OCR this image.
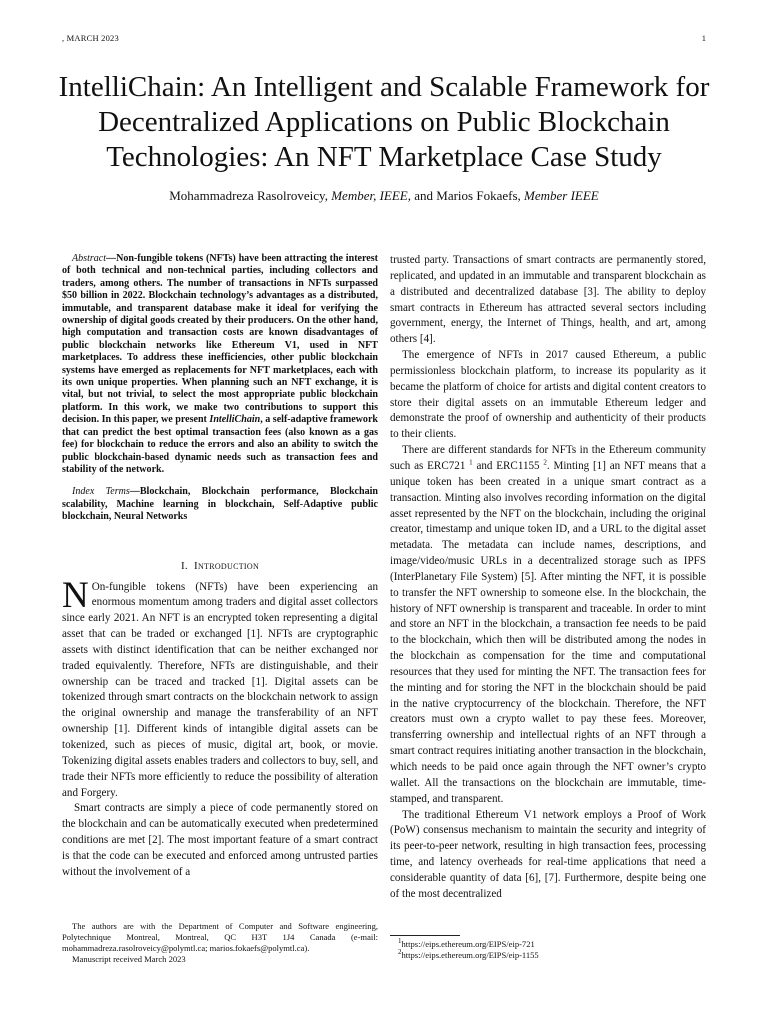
, MARCH 2023	1
IntelliChain: An Intelligent and Scalable Framework for Decentralized Applications on Public Blockchain Technologies: An NFT Marketplace Case Study
Mohammadreza Rasolroveicy, Member, IEEE, and Marios Fokaefs, Member IEEE

Abstract—Non-fungible tokens (NFTs) have been attracting the interest of both technical and non-technical parties, including collectors and traders, among others. The number of transactions in NFTs surpassed $50 billion in 2022. Blockchain technology’s advantages as a distributed, immutable, and transparent database make it ideal for verifying the ownership of digital goods created by their producers. On the other hand, high computation and transaction costs are known disadvantages of public blockchain networks like Ethereum V1, used in NFT marketplaces. To address these inefficiencies, other public blockchain systems have emerged as replacements for NFT marketplaces, each with its own unique properties. When planning such an NFT exchange, it is vital, but not trivial, to select the most appropriate public blockchain platform. In this work, we make two contributions to support this decision. In this paper, we present IntelliChain, a self-adaptive framework that can predict the best optimal transaction fees (also known as a gas fee) for blockchain to reduce the errors and also an ability to switch the public blockchain-based dynamic needs such as transaction fees and stability of the network.

Index Terms—Blockchain, Blockchain performance, Blockchain scalability, Machine learning in blockchain, Self-Adaptive public blockchain, Neural Networks

I. Introduction

N On-fungible tokens (NFTs) have been experiencing an enormous momentum among traders and digital asset collectors since early 2021. An NFT is an encrypted token representing a digital asset that can be traded or exchanged [1]. NFTs are cryptographic assets with distinct identification that can be neither exchanged nor traded equivalently. Therefore, NFTs are distinguishable, and their ownership can be traced and tracked [1]. Digital assets can be tokenized through smart contracts on the blockchain network to assign the original ownership and manage the transferability of an NFT ownership [1]. Different kinds of intangible digital assets can be tokenized, such as pieces of music, digital art, book, or movie. Tokenizing digital assets enables traders and collectors to buy, sell, and trade their NFTs more efficiently to reduce the possibility of alteration and Forgery.

Smart contracts are simply a piece of code permanently stored on the blockchain and can be automatically executed when predetermined conditions are met [2]. The most important feature of a smart contract is that the code can be executed and enforced among untrusted parties without the involvement of a

trusted party. Transactions of smart contracts are permanently stored, replicated, and updated in an immutable and transparent blockchain as a distributed and decentralized database [3]. The ability to deploy smart contracts in Ethereum has attracted several sectors including government, energy, the Internet of Things, health, and art, among others [4].

The emergence of NFTs in 2017 caused Ethereum, a public permissionless blockchain platform, to increase its popularity as it became the platform of choice for artists and digital content creators to store their digital assets on an immutable Ethereum ledger and demonstrate the proof of ownership and authenticity of their products to their clients.

There are different standards for NFTs in the Ethereum community such as ERC721 $^1$ and ERC1155 $^2$. Minting [1] an NFT means that a unique token has been created in a unique smart contract as a transaction. Minting also involves recording information on the digital asset represented by the NFT on the blockchain, including the original creator, timestamp and unique token ID, and a URL to the digital asset metadata. The metadata can include names, descriptions, and image/video/music URLs in a decentralized storage such as IPFS (InterPlanetary File System) [5]. After minting the NFT, it is possible to transfer the NFT ownership to someone else. In the blockchain, the history of NFT ownership is transparent and traceable. In order to mint and store an NFT in the blockchain, a transaction fee needs to be paid to the blockchain, which then will be distributed among the nodes in the blockchain as compensation for the time and computational resources that they used for minting the NFT. The transaction fees for the minting and for storing the NFT in the blockchain should be paid in the native cryptocurrency of the blockchain. Therefore, the NFT creators must own a crypto wallet to pay these fees. Moreover, transferring ownership and intellectual rights of an NFT through a smart contract requires initiating another transaction in the blockchain, which needs to be paid once again through the NFT owner’s crypto wallet. All the transactions on the blockchain are immutable, time-stamped, and transparent.

The traditional Ethereum V1 network employs a Proof of Work (PoW) consensus mechanism to maintain the security and integrity of its peer-to-peer network, resulting in high transaction fees, processing time, and latency overheads for real-time applications that need a considerable quantity of data [6], [7]. Furthermore, despite being one of the most decentralized

The authors are with the Department of Computer and Software engineering, Polytechnique Montreal, Montreal, QC H3T 1J4 Canada (e-mail: mohammadreza.rasolroveicy@polymtl.ca; marios.fokaefs@polymtl.ca).

Manuscript received March 2023

$^1$https://eips.ethereum.org/EIPS/eip-721

$^2$https://eips.ethereum.org/EIPS/eip-1155
